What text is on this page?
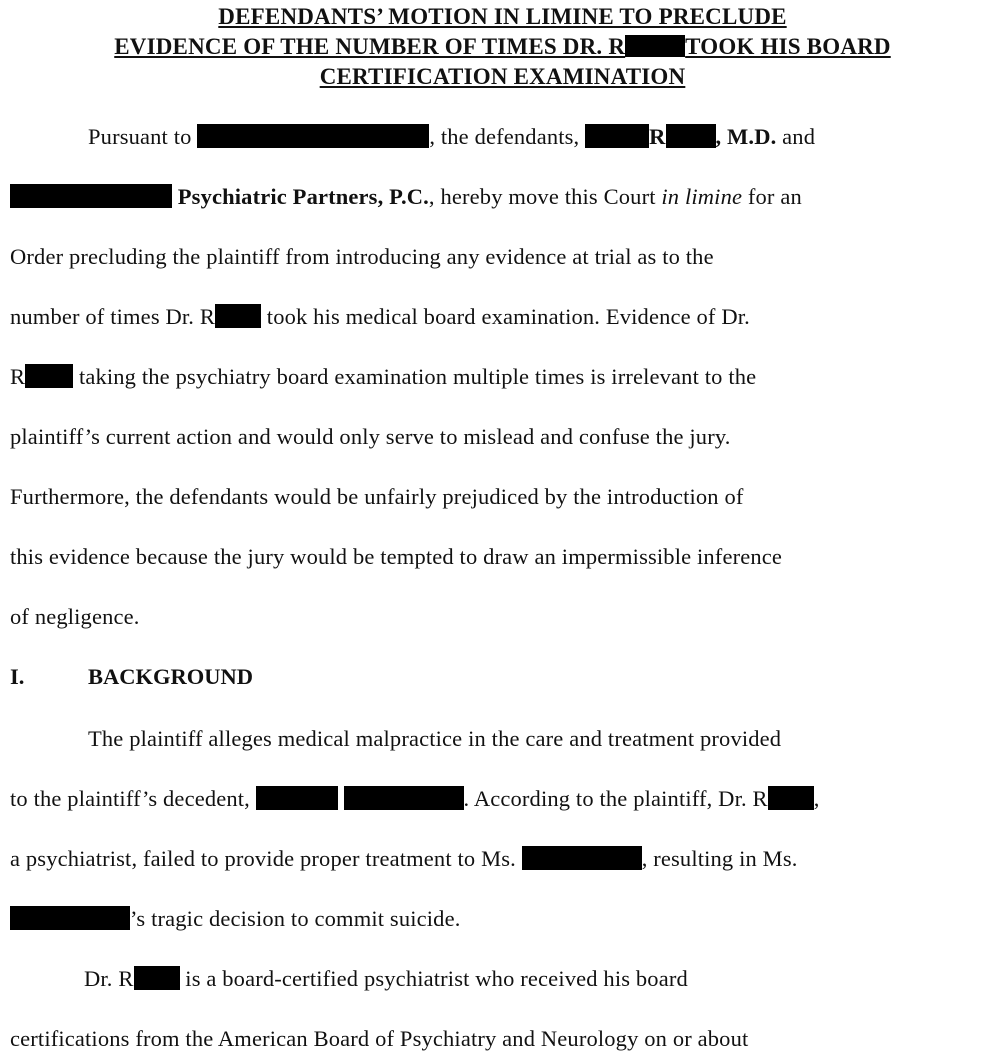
DEFENDANTS’ MOTION IN LIMINE TO PRECLUDE
EVIDENCE OF THE NUMBER OF TIMES DR. R	TOOK HIS BOARD
CERTIFICATION EXAMINATION
Pursuant to	, the defendants,	R , M.D. and
Psychiatric Partners, P.C., hereby move this Court in limine for an
Order precluding the plaintiff from introducing any evidence at trial as to the
number of times Dr. R took his medical board examination. Evidence of Dr.
R taking the psychiatry board examination multiple times is irrelevant to the
plaintiff’s current action and would only serve to mislead and confuse the jury.
Furthermore, the defendants would be unfairly prejudiced by the introduction of
this evidence because the jury would be tempted to draw an impermissible inference
of negligence.
I.	BACKGROUND
The plaintiff alleges medical malpractice in the care and treatment provided
to the plaintiff’s decedent,	. According to the plaintiff, Dr. R ,
a psychiatrist, failed to provide proper treatment to Ms.	, resulting in Ms.
’s tragic decision to commit suicide.
Dr. R is a board-certified psychiatrist who received his board
certifications from the American Board of Psychiatry and Neurology on or about
